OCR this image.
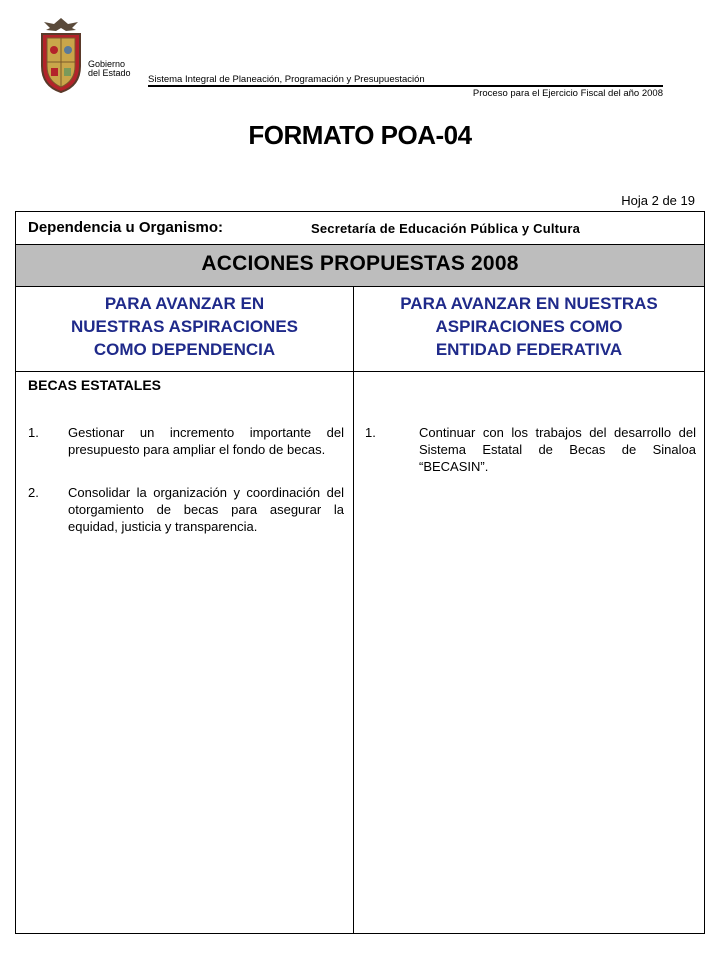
Gobierno
del Estado
Sistema Integral de Planeación, Programación y Presupuestación
Proceso para el Ejercicio Fiscal del año 2008
FORMATO POA-04
Hoja 2 de 19
Dependencia u Organismo:	Secretaría de Educación Pública y Cultura
ACCIONES PROPUESTAS 2008
PARA AVANZAR EN
NUESTRAS ASPIRACIONES
COMO DEPENDENCIA
PARA AVANZAR EN NUESTRAS
ASPIRACIONES COMO
ENTIDAD FEDERATIVA
BECAS ESTATALES
1. Gestionar un incremento importante del presupuesto para ampliar el fondo de becas.
2. Consolidar la organización y coordinación del otorgamiento de becas para asegurar la equidad, justicia y transparencia.
1.	Continuar con los trabajos del desarrollo del Sistema Estatal de Becas de Sinaloa “BECASIN”.
